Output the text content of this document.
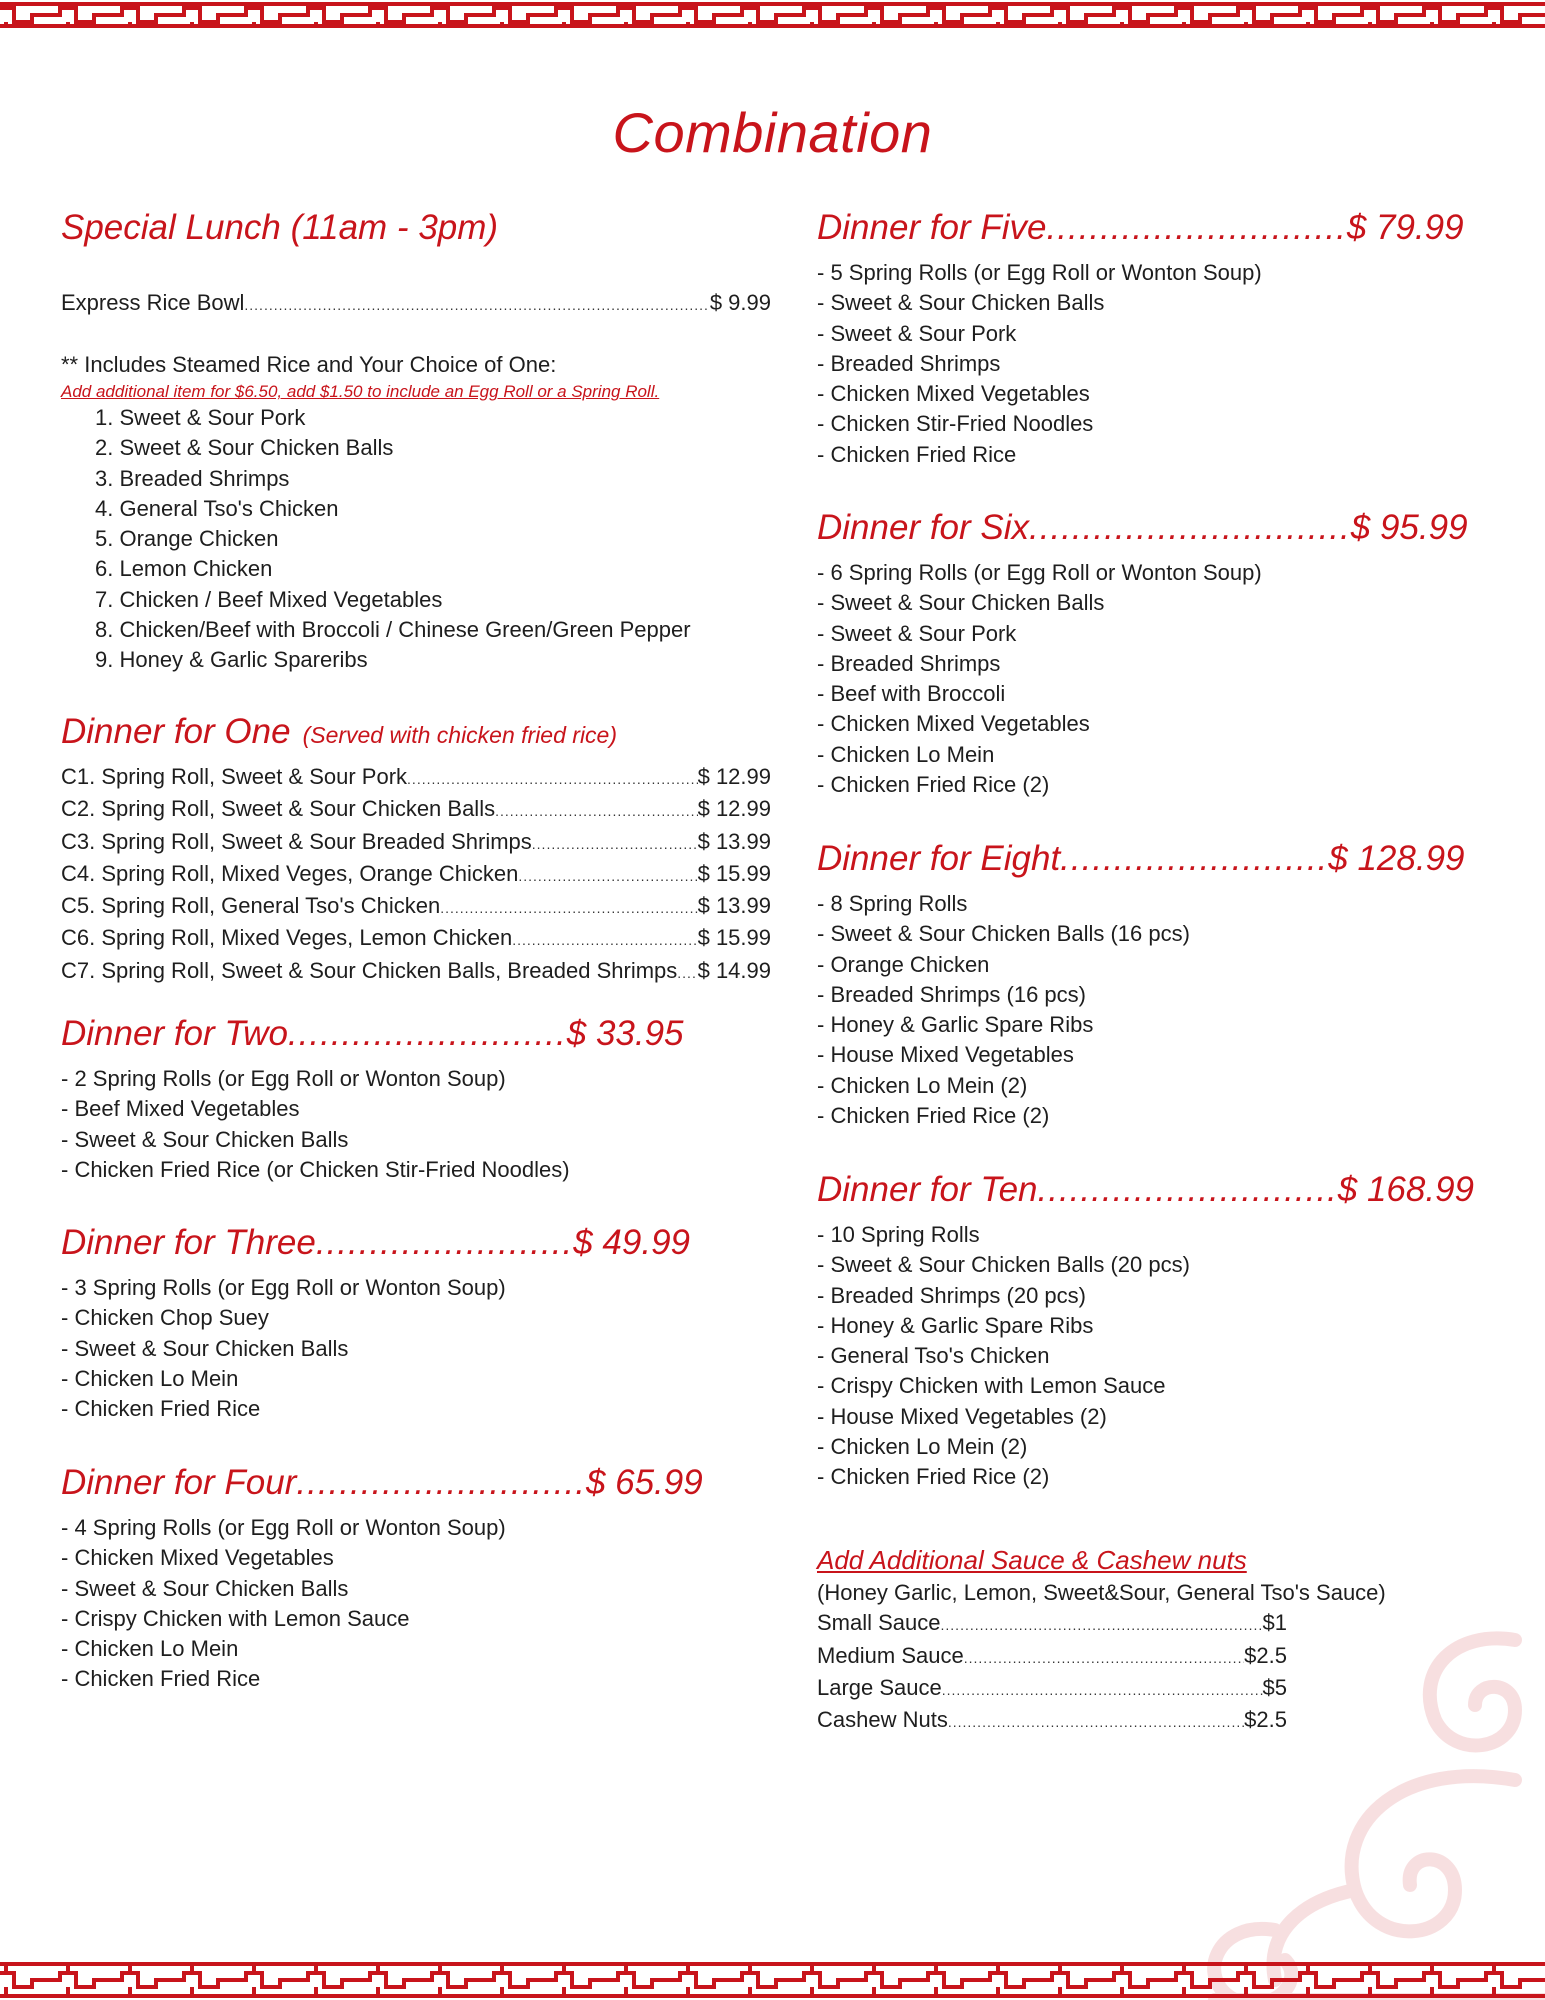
Combination
Special Lunch (11am - 3pm)
Express Rice Bowl .....	$ 9.99
** Includes Steamed Rice and Your Choice of One:
Add additional item for $6.50, add $1.50 to include an Egg Roll or a Spring Roll.
1. Sweet & Sour Pork
2. Sweet & Sour Chicken Balls
3. Breaded Shrimps
4. General Tso's Chicken
5. Orange Chicken
6. Lemon Chicken
7. Chicken / Beef Mixed Vegetables
8. Chicken/Beef with Broccoli / Chinese Green/Green Pepper
9. Honey & Garlic Spareribs
Dinner for One (Served with chicken fried rice)
C1. Spring Roll, Sweet & Sour Pork .....	$ 12.99
C2. Spring Roll, Sweet & Sour Chicken Balls .....	$ 12.99
C3. Spring Roll, Sweet & Sour Breaded Shrimps .....	$ 13.99
C4. Spring Roll, Mixed Veges, Orange Chicken .....	$ 15.99
C5. Spring Roll, General Tso's Chicken .....	$ 13.99
C6. Spring Roll, Mixed Veges, Lemon Chicken .....	$ 15.99
C7. Spring Roll, Sweet & Sour Chicken Balls, Breaded Shrimps ..... $ 14.99
Dinner for Two .......................... $ 33.95
- 2 Spring Rolls (or Egg Roll or Wonton Soup)
- Beef Mixed Vegetables
- Sweet & Sour Chicken Balls
- Chicken Fried Rice (or Chicken Stir-Fried Noodles)
Dinner for Three ........................ $ 49.99
- 3 Spring Rolls (or Egg Roll or Wonton Soup)
- Chicken Chop Suey
- Sweet & Sour Chicken Balls
- Chicken Lo Mein
- Chicken Fried Rice
Dinner for Four ........................... $ 65.99
- 4 Spring Rolls (or Egg Roll or Wonton Soup)
- Chicken Mixed Vegetables
- Sweet & Sour Chicken Balls
- Crispy Chicken with Lemon Sauce
- Chicken Lo Mein
- Chicken Fried Rice
Dinner for Five ............................ $ 79.99
- 5 Spring Rolls (or Egg Roll or Wonton Soup)
- Sweet & Sour Chicken Balls
- Sweet & Sour Pork
- Breaded Shrimps
- Chicken Mixed Vegetables
- Chicken Stir-Fried Noodles
- Chicken Fried Rice
Dinner for Six .............................. $ 95.99
- 6 Spring Rolls (or Egg Roll or Wonton Soup)
- Sweet & Sour Chicken Balls
- Sweet & Sour Pork
- Breaded Shrimps
- Beef with Broccoli
- Chicken Mixed Vegetables
- Chicken Lo Mein
- Chicken Fried Rice (2)
Dinner for Eight ......................... $ 128.99
- 8 Spring Rolls
- Sweet & Sour Chicken Balls (16 pcs)
- Orange Chicken
- Breaded Shrimps (16 pcs)
- Honey & Garlic Spare Ribs
- House Mixed Vegetables
- Chicken Lo Mein (2)
- Chicken Fried Rice (2)
Dinner for Ten ............................ $ 168.99
- 10 Spring Rolls
- Sweet & Sour Chicken Balls (20 pcs)
- Breaded Shrimps (20 pcs)
- Honey & Garlic Spare Ribs
- General Tso's Chicken
- Crispy Chicken with Lemon Sauce
- House Mixed Vegetables (2)
- Chicken Lo Mein (2)
- Chicken Fried Rice (2)
Add Additional Sauce & Cashew nuts
(Honey Garlic, Lemon, Sweet&Sour, General Tso's Sauce)
Small Sauce .....	$1
Medium Sauce .....	$2.5
Large Sauce .....	$5
Cashew Nuts .....	$2.5
